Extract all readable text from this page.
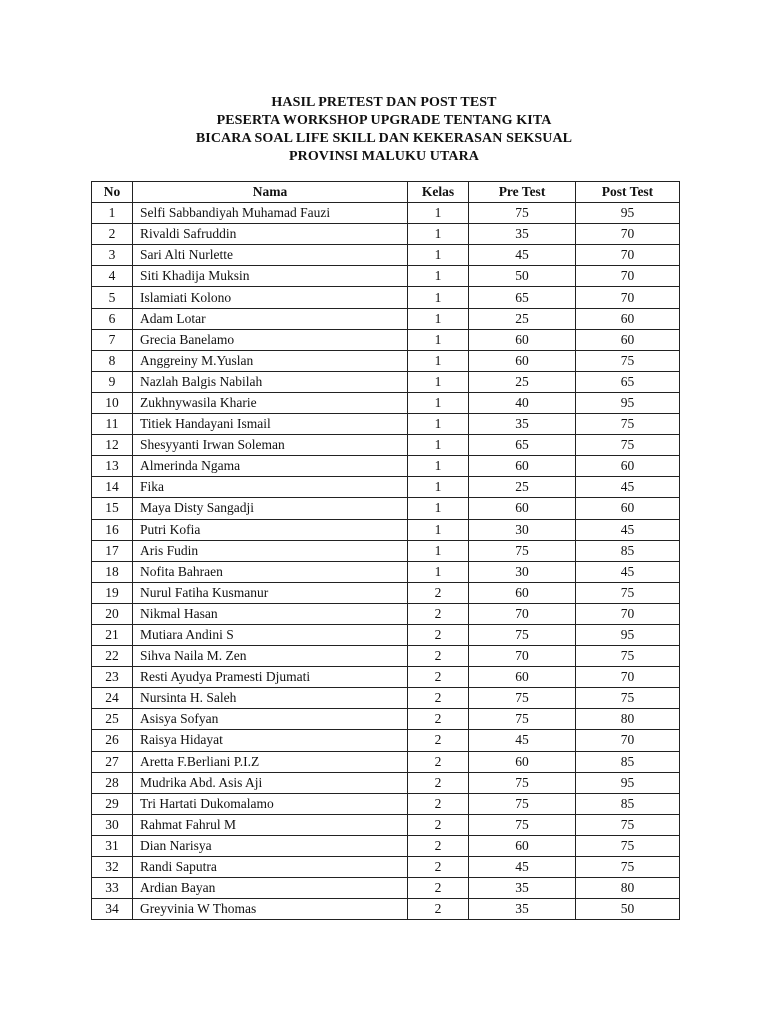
HASIL PRETEST DAN POST TEST
PESERTA WORKSHOP UPGRADE TENTANG KITA
BICARA SOAL LIFE SKILL DAN KEKERASAN SEKSUAL
PROVINSI MALUKU UTARA
No	Nama	Kelas	Pre Test	Post Test
1	Selfi Sabbandiyah Muhamad Fauzi	1	75	95
2	Rivaldi Safruddin	1	35	70
3	Sari Alti Nurlette	1	45	70
4	Siti Khadija Muksin	1	50	70
5	Islamiati Kolono	1	65	70
6	Adam Lotar	1	25	60
7	Grecia Banelamo	1	60	60
8	Anggreiny M.Yuslan	1	60	75
9	Nazlah Balgis Nabilah	1	25	65
10	Zukhnywasila Kharie	1	40	95
11	Titiek Handayani Ismail	1	35	75
12	Shesyyanti Irwan Soleman	1	65	75
13	Almerinda Ngama	1	60	60
14	Fika	1	25	45
15	Maya Disty Sangadji	1	60	60
16	Putri Kofia	1	30	45
17	Aris Fudin	1	75	85
18	Nofita Bahraen	1	30	45
19	Nurul Fatiha Kusmanur	2	60	75
20	Nikmal Hasan	2	70	70
21	Mutiara Andini S	2	75	95
22	Sihva Naila M. Zen	2	70	75
23	Resti Ayudya Pramesti Djumati	2	60	70
24	Nursinta H. Saleh	2	75	75
25	Asisya Sofyan	2	75	80
26	Raisya Hidayat	2	45	70
27	Aretta F.Berliani P.I.Z	2	60	85
28	Mudrika Abd. Asis Aji	2	75	95
29	Tri Hartati Dukomalamo	2	75	85
30	Rahmat Fahrul M	2	75	75
31	Dian Narisya	2	60	75
32	Randi Saputra	2	45	75
33	Ardian Bayan	2	35	80
34	Greyvinia W Thomas	2	35	50
